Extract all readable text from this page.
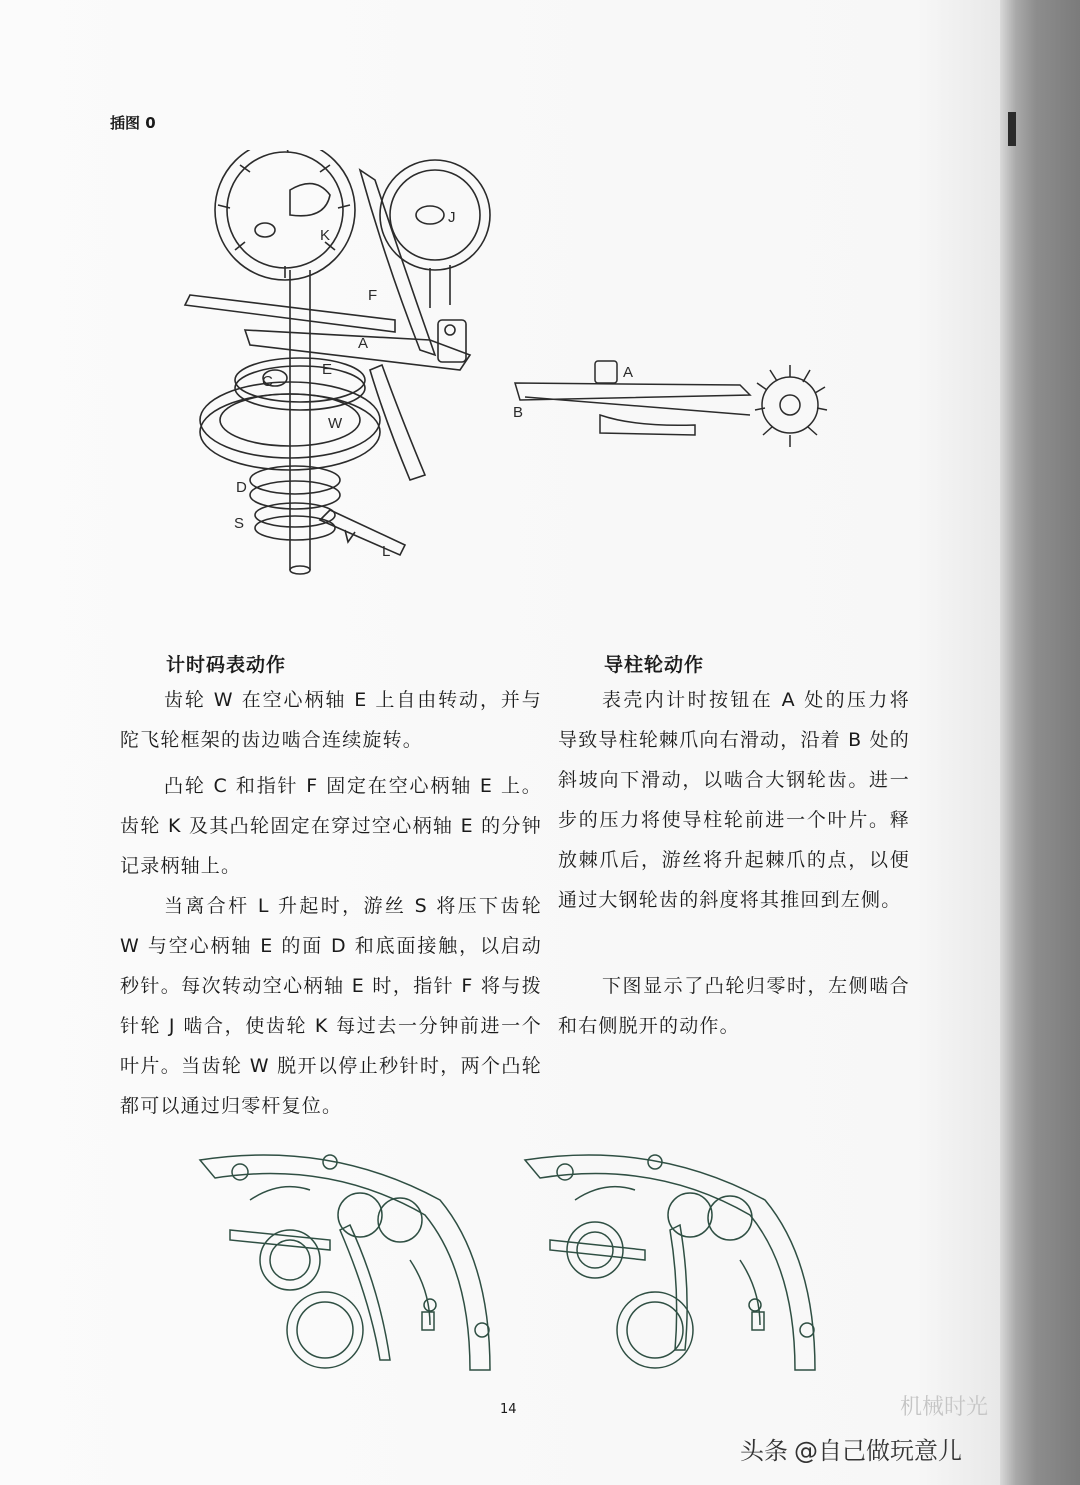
插图 0
K
J
F
A
C
E
W
D
S
L
A
B
计时码表动作

齿轮 W 在空心柄轴 E 上自由转动，并与陀飞轮框架的齿边啮合连续旋转。

凸轮 C 和指针 F 固定在空心柄轴 E 上。齿轮 K 及其凸轮固定在穿过空心柄轴 E 的分钟记录柄轴上。

当离合杆 L 升起时，游丝 S 将压下齿轮 W 与空心柄轴 E 的面 D 和底面接触，以启动秒针。每次转动空心柄轴 E 时，指针 F 将与拨针轮 J 啮合，使齿轮 K 每过去一分钟前进一个叶片。当齿轮 W 脱开以停止秒针时，两个凸轮都可以通过归零杆复位。

导柱轮动作

表壳内计时按钮在 A 处的压力将导致导柱轮棘爪向右滑动，沿着 B 处的斜坡向下滑动，以啮合大钢轮齿。进一步的压力将使导柱轮前进一个叶片。释放棘爪后，游丝将升起棘爪的点，以便通过大钢轮齿的斜度将其推回到左侧。

下图显示了凸轮归零时，左侧啮合和右侧脱开的动作。

14	机械时光
头条 @自己做玩意儿
